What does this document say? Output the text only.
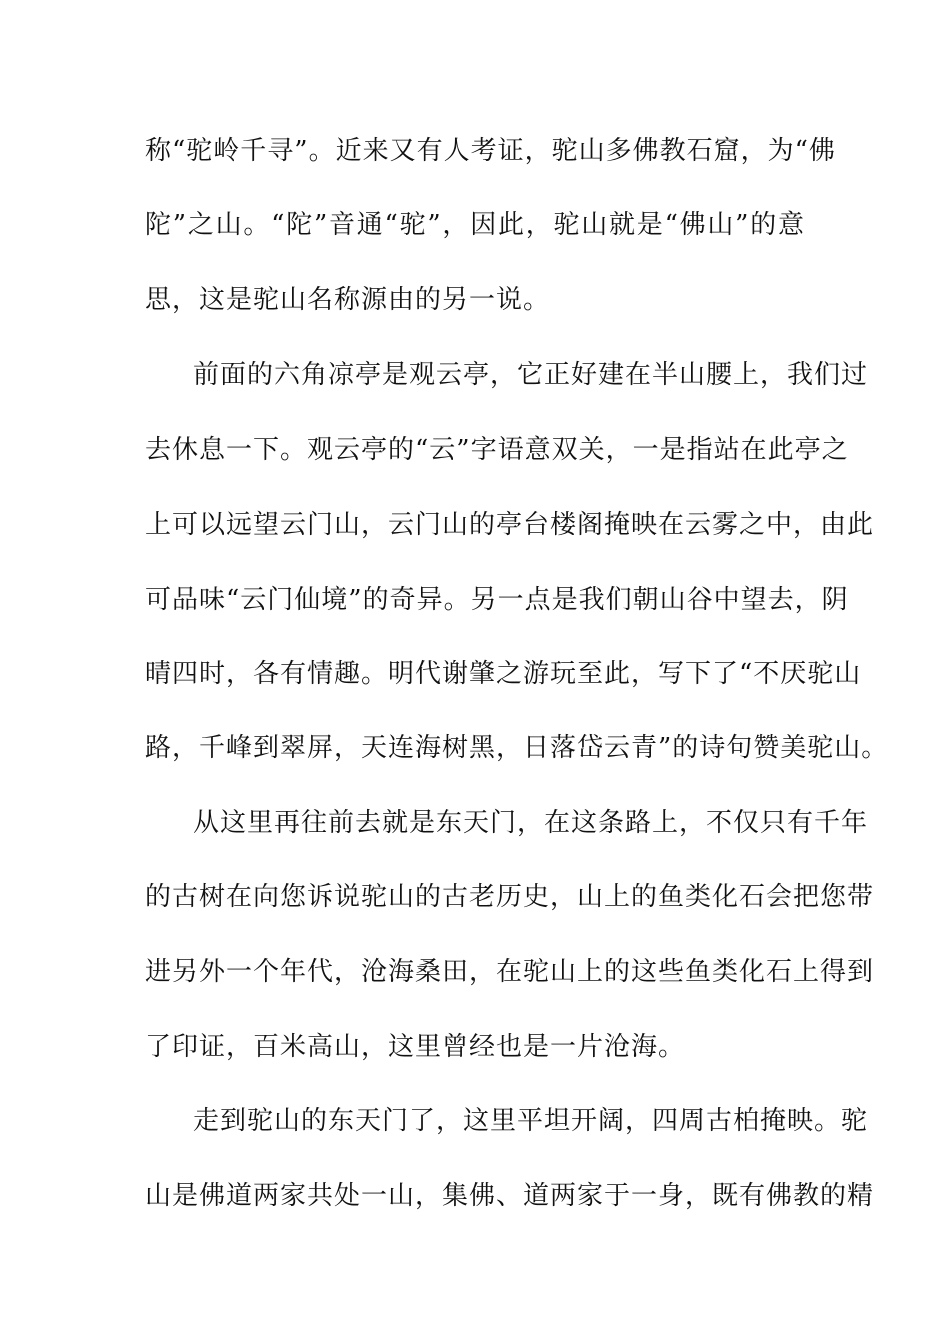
称“驼岭千寻”。近来又有人考证，驼山多佛教石窟，为“佛
陀”之山。“陀”音通“驼”，因此，驼山就是“佛山”的意
思，这是驼山名称源由的另一说。
前面的六角凉亭是观云亭，它正好建在半山腰上，我们过
去休息一下。观云亭的“云”字语意双关，一是指站在此亭之
上可以远望云门山，云门山的亭台楼阁掩映在云雾之中，由此
可品味“云门仙境”的奇异。另一点是我们朝山谷中望去，阴
晴四时，各有情趣。明代谢肇之游玩至此，写下了“不厌驼山
路，千峰到翠屏，天连海树黑，日落岱云青”的诗句赞美驼山。
从这里再往前去就是东天门，在这条路上，不仅只有千年
的古树在向您诉说驼山的古老历史，山上的鱼类化石会把您带
进另外一个年代，沧海桑田，在驼山上的这些鱼类化石上得到
了印证，百米高山，这里曾经也是一片沧海。
走到驼山的东天门了，这里平坦开阔，四周古柏掩映。驼
山是佛道两家共处一山，集佛、道两家于一身，既有佛教的精
